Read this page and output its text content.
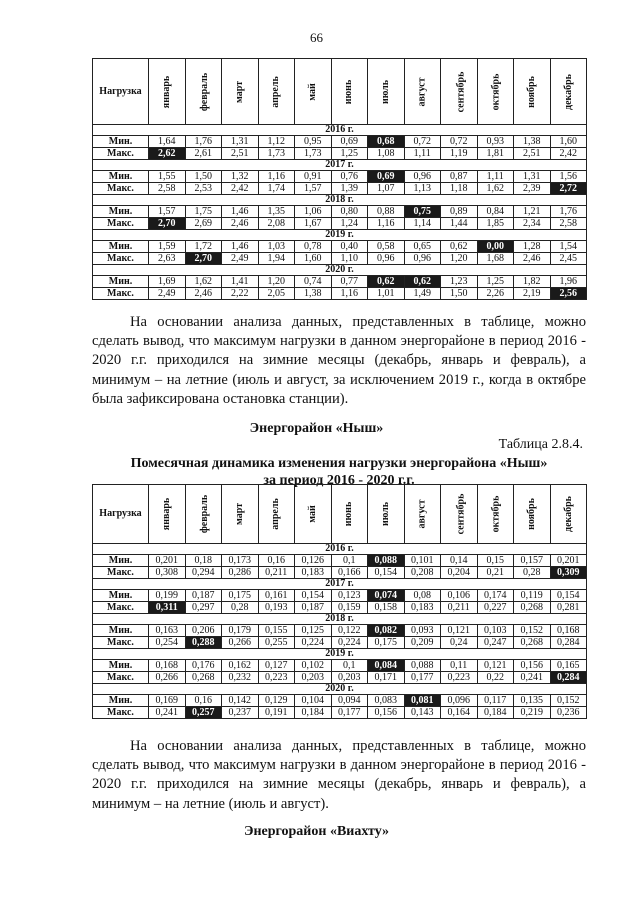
66
Нагрузка	январь	февраль	март	апрель	май	июнь	июль	август	сентябрь	октябрь	ноябрь	декабрь
2016 г.												
Мин.	1,64	1,76	1,31	1,12	0,95	0,69	0,68	0,72	0,72	0,93	1,38	1,60
Макс.	2,62	2,61	2,51	1,73	1,73	1,25	1,08	1,11	1,19	1,81	2,51	2,42
2017 г.												
Мин.	1,55	1,50	1,32	1,16	0,91	0,76	0,69	0,96	0,87	1,11	1,31	1,56
Макс.	2,58	2,53	2,42	1,74	1,57	1,39	1,07	1,13	1,18	1,62	2,39	2,72
2018 г.												
Мин.	1,57	1,75	1,46	1,35	1,06	0,80	0,88	0,75	0,89	0,84	1,21	1,76
Макс.	2,70	2,69	2,46	2,08	1,67	1,24	1,16	1,14	1,44	1,85	2,34	2,58
2019 г.												
Мин.	1,59	1,72	1,46	1,03	0,78	0,40	0,58	0,65	0,62	0,00	1,28	1,54
Макс.	2,63	2,70	2,49	1,94	1,60	1,10	0,96	0,96	1,20	1,68	2,46	2,45
2020 г.												
Мин.	1,69	1,62	1,41	1,20	0,74	0,77	0,62	0,62	1,23	1,25	1,82	1,96
Макс.	2,49	2,46	2,22	2,05	1,38	1,16	1,01	1,49	1,50	2,26	2,19	2,56

На основании анализа данных, представленных в таблице, можно сделать вывод, что максимум нагрузки в данном энергорайоне в период 2016 - 2020 г.г. приходился на зимние месяцы (декабрь, январь и февраль), а минимум – на летние (июль и август, за исключением 2019 г., когда в октябре была зафиксирована остановка станции).

Энергорайон «Ныш»

Таблица 2.8.4.

Помесячная динамика изменения нагрузки энергорайона «Ныш»
за период 2016 - 2020 г.г.

Нагрузка	январь	февраль	март	апрель	май	июнь	июль	август	сентябрь	октябрь	ноябрь	декабрь
2016 г.												
Мин.	0,201	0,18	0,173	0,16	0,126	0,1	0,088	0,101	0,14	0,15	0,157	0,201
Макс.	0,308	0,294	0,286	0,211	0,183	0,166	0,154	0,208	0,204	0,21	0,28	0,309
2017 г.												
Мин.	0,199	0,187	0,175	0,161	0,154	0,123	0,074	0,08	0,106	0,174	0,119	0,154
Макс.	0,311	0,297	0,28	0,193	0,187	0,159	0,158	0,183	0,211	0,227	0,268	0,281
2018 г.												
Мин.	0,163	0,206	0,179	0,155	0,125	0,122	0,082	0,093	0,121	0,103	0,152	0,168
Макс.	0,254	0,288	0,266	0,255	0,224	0,224	0,175	0,209	0,24	0,247	0,268	0,284
2019 г.												
Мин.	0,168	0,176	0,162	0,127	0,102	0,1	0,084	0,088	0,11	0,121	0,156	0,165
Макс.	0,266	0,268	0,232	0,223	0,203	0,203	0,171	0,177	0,223	0,22	0,241	0,284
2020 г.												
Мин.	0,169	0,16	0,142	0,129	0,104	0,094	0,083	0,081	0,096	0,117	0,135	0,152
Макс.	0,241	0,257	0,237	0,191	0,184	0,177	0,156	0,143	0,164	0,184	0,219	0,236

На основании анализа данных, представленных в таблице, можно сделать вывод, что максимум нагрузки в данном энергорайоне в период 2016 - 2020 г.г. приходился на зимние месяцы (декабрь, январь и февраль), а минимум – на летние (июль и август).

Энергорайон «Виахту»
